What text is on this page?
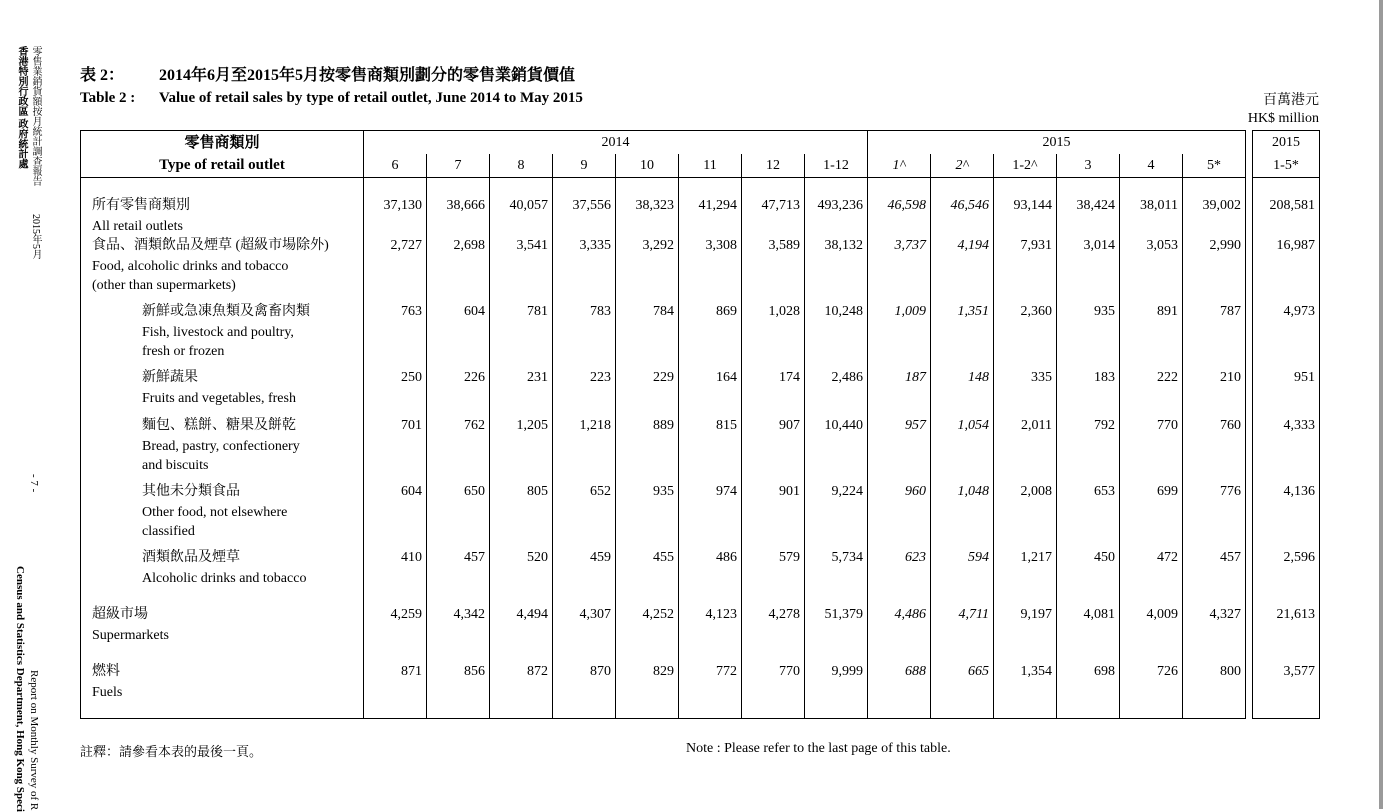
零售業銷貨額按月統計調查報告
香港特別行政區 政府統計處
2015年5月
- 7 -
Census and Statistics Department, Hong Kong Speci Report on Monthly Survey of R
表 2：	2014年6月至2015年5月按零售商類別劃分的零售業銷貨價值
Table 2 :	Value of retail sales by type of retail outlet, June 2014 to May 2015	百萬港元
HK$ million
零售商類別
Type of retail outlet	2014								2015							2015
	6	7	8	9	10	11	12	1-12	1^	2^	1-2^	3	4	5*		1-5*

所有零售商類別
All retail outlets	37,130	38,666	40,057	37,556	38,323	41,294	47,713	493,236	46,598	46,546	93,144	38,424	38,011	39,002		208,581

食品、酒類飲品及煙草 (超級市場除外)
Food, alcoholic drinks and tobacco
(other than supermarkets)	2,727	2,698	3,541	3,335	3,292	3,308	3,589	38,132	3,737	4,194	7,931	3,014	3,053	2,990		16,987

新鮮或急凍魚類及禽畜肉類
Fish, livestock and poultry,
fresh or frozen	763	604	781	783	784	869	1,028	10,248	1,009	1,351	2,360	935	891	787		4,973

新鮮蔬果
Fruits and vegetables, fresh	250	226	231	223	229	164	174	2,486	187	148	335	183	222	210		951

麵包、糕餅、糖果及餅乾
Bread, pastry, confectionery
and biscuits	701	762	1,205	1,218	889	815	907	10,440	957	1,054	2,011	792	770	760		4,333

其他未分類食品
Other food, not elsewhere
classified	604	650	805	652	935	974	901	9,224	960	1,048	2,008	653	699	776		4,136

酒類飲品及煙草
Alcoholic drinks and tobacco	410	457	520	459	455	486	579	5,734	623	594	1,217	450	472	457		2,596

超級市場
Supermarkets	4,259	4,342	4,494	4,307	4,252	4,123	4,278	51,379	4,486	4,711	9,197	4,081	4,009	4,327		21,613

燃料
Fuels	871	856	872	870	829	772	770	9,999	688	665	1,354	698	726	800		3,577
註釋：請參看本表的最後一頁。	Note : Please refer to the last page of this table.
